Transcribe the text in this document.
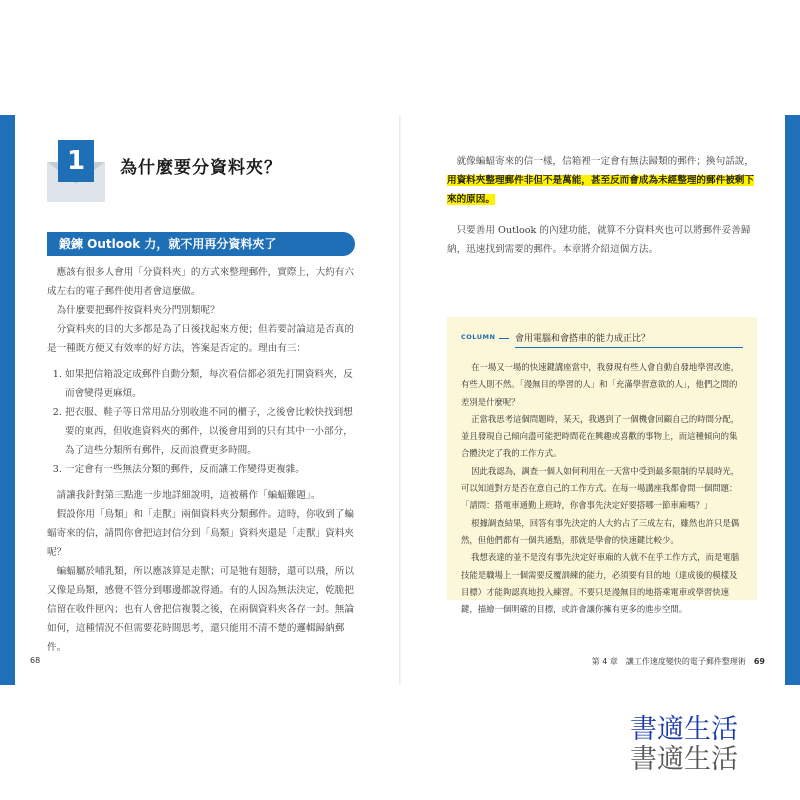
1	為什麼要分資料夾？
鍛鍊 Outlook 力，就不用再分資料夾了

應該有很多人會用「分資料夾」的方式來整理郵件，實際上，大約有六成左右的電子郵件使用者會這麼做。

為什麼要把郵件按資料夾分門別類呢？

分資料夾的目的大多都是為了日後找起來方便；但若要討論這是否真的是一種既方便又有效率的好方法，答案是否定的。理由有三：

1. 如果把信箱設定成郵件自動分類，每次看信都必須先打開資料夾，反而會變得更麻煩。
2. 把衣服、鞋子等日常用品分別收進不同的櫃子，之後會比較快找到想要的東西，但收進資料夾的郵件，以後會用到的只有其中一小部分，為了這些分類所有郵件，反而浪費更多時間。
3. 一定會有一些無法分類的郵件，反而讓工作變得更複雜。

請讓我針對第三點進一步地詳細說明，這被稱作「蝙蝠難題」。

假設你用「鳥類」和「走獸」兩個資料夾分類郵件。這時，你收到了蝙蝠寄來的信，請問你會把這封信分到「鳥類」資料夾還是「走獸」資料夾呢？

蝙蝠屬於哺乳類，所以應該算是走獸；可是牠有翅膀，還可以飛，所以又像是鳥類，感覺不管分到哪邊都說得通。有的人因為無法決定，乾脆把信留在收件匣內；也有人會把信複製之後，在兩個資料夾各存一封。無論如何，這種情況不但需要花時間思考，還只能用不清不楚的邏輯歸納郵件。

68

就像蝙蝠寄來的信一樣，信箱裡一定會有無法歸類的郵件；換句話說，用資料夾整理郵件非但不是萬能，甚至反而會成為未經整理的郵件被剩下來的原因。

只要善用 Outlook 的內建功能，就算不分資料夾也可以將郵件妥善歸納，迅速找到需要的郵件。本章將介紹這個方法。

COLUMN 會用電腦和會搭車的能力成正比？

在一場又一場的快速鍵講座當中，我發現有些人會自動自發地學習改進，有些人則不然。「漫無目的學習的人」和「充滿學習意欲的人」，他們之間的差別是什麼呢？

正當我思考這個問題時，某天，我遇到了一個機會回顧自己的時間分配，並且發現自己傾向盡可能把時間花在興趣或喜歡的事物上，而這種傾向的集合體決定了我的工作方式。

因此我認為，調查一個人如何利用在一天當中受到最多限制的早晨時光，可以知道對方是否在意自己的工作方式。在每一場講座我都會問一個問題：「請問：搭電車通勤上班時，你會事先決定好要搭哪一節車廂嗎？」

根據調查結果，回答有事先決定的人大約占了三成左右，雖然也許只是偶然，但他們都有一個共通點，那就是學會的快速鍵比較少。

我想表達的並不是沒有事先決定好車廂的人就不在乎工作方式，而是電腦技能是職場上一個需要反覆訓練的能力，必須要有目的地（達成後的模樣及目標）才能夠認真地投入練習。不要只是漫無目的地搭乘電車或學習快速鍵，描繪一個明確的目標，或許會讓你擁有更多的進步空間。

第 4 章　讓工作速度變快的電子郵件整理術 69
書適生活
書適生活
